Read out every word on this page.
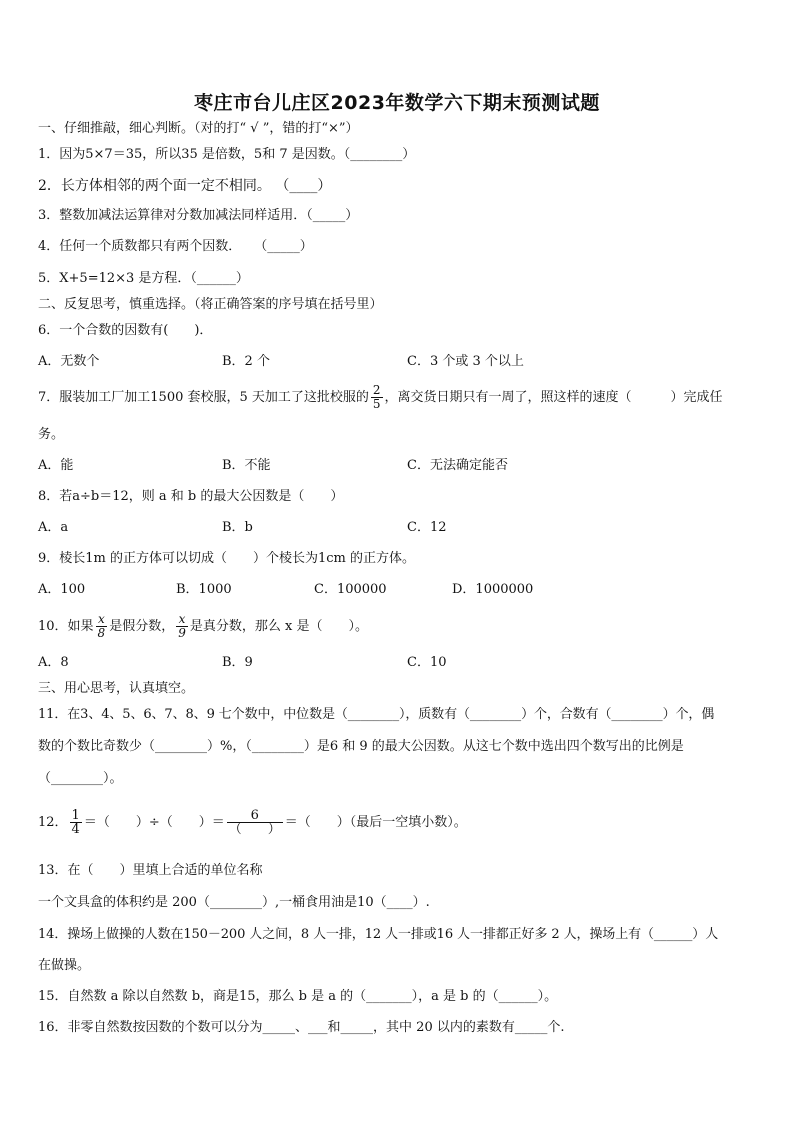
枣庄市台儿庄区2023年数学六下期末预测试题
一、仔细推敲，细心判断。（对的打“ √ ”，错的打“×”）
1．因为5×7＝35，所以35 是倍数，5和 7 是因数。（________）
2．长方体相邻的两个面一定不相同。 （____）
3．整数加减法运算律对分数加减法同样适用．（_____）
4．任何一个质数都只有两个因数．　　（_____）
5．X+5=12×3 是方程．（______）
二、反复思考，慎重选择。（将正确答案的序号填在括号里）
6．一个合数的因数有(　　)．
A．无数个	B．2 个	C．3 个或 3 个以上
7．服装加工厂加工1500 套校服，5 天加工了这批校服的 $\frac{2}{5}$ ，离交货日期只有一周了，照这样的速度（　　　）完成任
务。
A．能	B．不能	C．无法确定能否
8．若a÷b＝12，则 a 和 b 的最大公因数是（　　）
A．a	B．b	C．12
9．棱长1m 的正方体可以切成（　　）个棱长为1cm 的正方体。
A．100	B．1000	C．100000	D．1000000
10．如果 $\frac{x}{8}$ 是假分数， $\frac{x}{9}$ 是真分数，那么 x 是（　　）。
A．8	B．9	C．10
三、用心思考，认真填空。
11．在3、4、5、6、7、8、9 七个数中，中位数是（________），质数有（________）个，合数有（________）个，偶
数的个数比奇数少（________）%，（________）是6 和 9 的最大公因数。从这七个数中选出四个数写出的比例是
（________）。
12． $\frac{1}{4}$ ＝（　　）÷（　　）＝ $\frac{6}{( )}$ ＝（　　）（最后一空填小数）。
13．在（　　）里填上合适的单位名称
一个文具盒的体积约是 200（________）,一桶食用油是10（____）.
14．操场上做操的人数在150－200 人之间，8 人一排，12 人一排或16 人一排都正好多 2 人，操场上有（______）人
在做操。
15．自然数 a 除以自然数 b，商是15，那么 b 是 a 的（_______），a 是 b 的（______）。
16．非零自然数按因数的个数可以分为_____、___和_____，其中 20 以内的素数有_____个.
